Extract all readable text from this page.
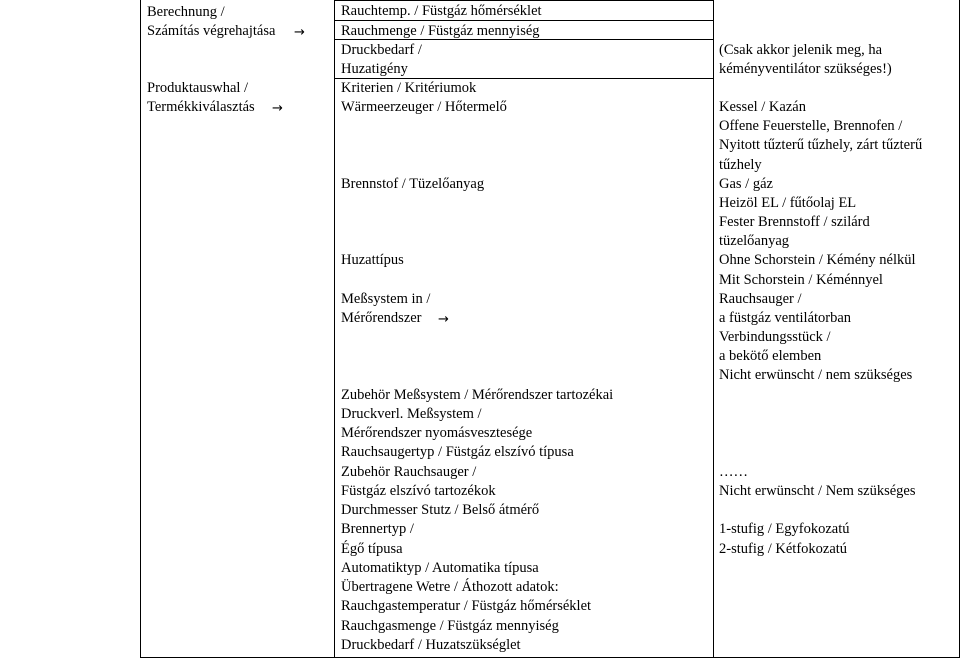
Berechnung /
Számítás végrehajtása →
Produktauswhal /
Termékkiválasztás →
Rauchtemp. / Füstgáz hőmérséklet
Rauchmenge / Füstgáz mennyiség
Druckbedarf /
Huzatigény
Kriterien / Kritériumok
Wärmeerzeuger / Hőtermelő
Brennstof / Tüzelőanyag
Huzattípus
Meßsystem in /
Mérőrendszer →
Zubehör Meßsystem / Mérőrendszer tartozékai
Druckverl. Meßsystem /
Mérőrendszer nyomásvesztesége
Rauchsaugertyp / Füstgáz elszívó típusa
Zubehör Rauchsauger /
Füstgáz elszívó tartozékok
Durchmesser Stutz / Belső átmérő
Brennertyp /
Égő típusa
Automatiktyp / Automatika típusa
Übertragene Wetre / Áthozott adatok:
Rauchgastemperatur / Füstgáz hőmérséklet
Rauchgasmenge / Füstgáz mennyiség
Druckbedarf / Huzatszükséglet
(Csak akkor jelenik meg, ha
kéményventilátor szükséges!)
Kessel / Kazán
Offene Feuerstelle, Brennofen /
Nyitott tűzterű tűzhely, zárt tűzterű
tűzhely
Gas / gáz
Heizöl EL / fűtőolaj EL
Fester Brennstoff / szilárd
tüzelőanyag
Ohne Schorstein / Kémény nélkül
Mit Schorstein / Kéménnyel
Rauchsauger /
a füstgáz ventilátorban
Verbindungsstück /
a bekötő elemben
Nicht erwünscht / nem szükséges
……
Nicht erwünscht / Nem szükséges
1-stufig / Egyfokozatú
2-stufig / Kétfokozatú
